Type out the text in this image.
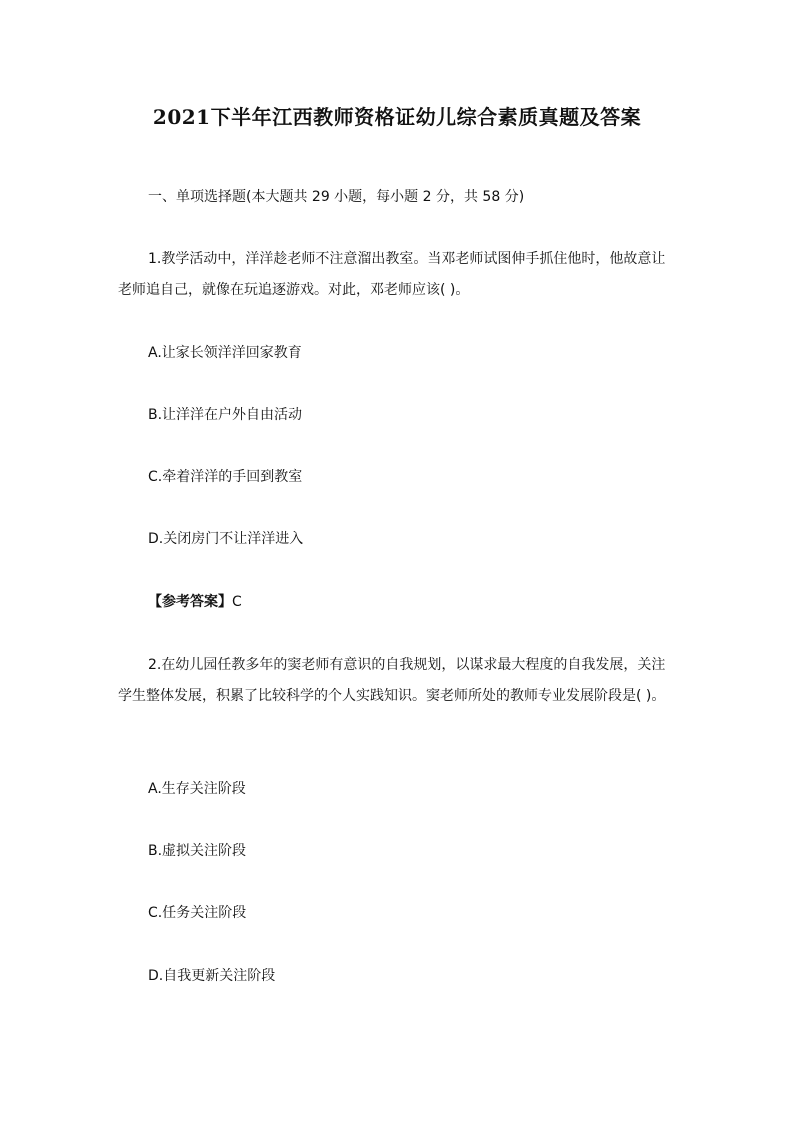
2021下半年江西教师资格证幼儿综合素质真题及答案
一、单项选择题(本大题共 29 小题，每小题 2 分，共 58 分)
1.教学活动中，洋洋趁老师不注意溜出教室。当邓老师试图伸手抓住他时，他故意让
老师追自己，就像在玩追逐游戏。对此，邓老师应该( )。
A.让家长领洋洋回家教育
B.让洋洋在户外自由活动
C.牵着洋洋的手回到教室
D.关闭房门不让洋洋进入
【参考答案】C
2.在幼儿园任教多年的窦老师有意识的自我规划，以谋求最大程度的自我发展，关注
学生整体发展，积累了比较科学的个人实践知识。窦老师所处的教师专业发展阶段是( )。
A.生存关注阶段
B.虚拟关注阶段
C.任务关注阶段
D.自我更新关注阶段
